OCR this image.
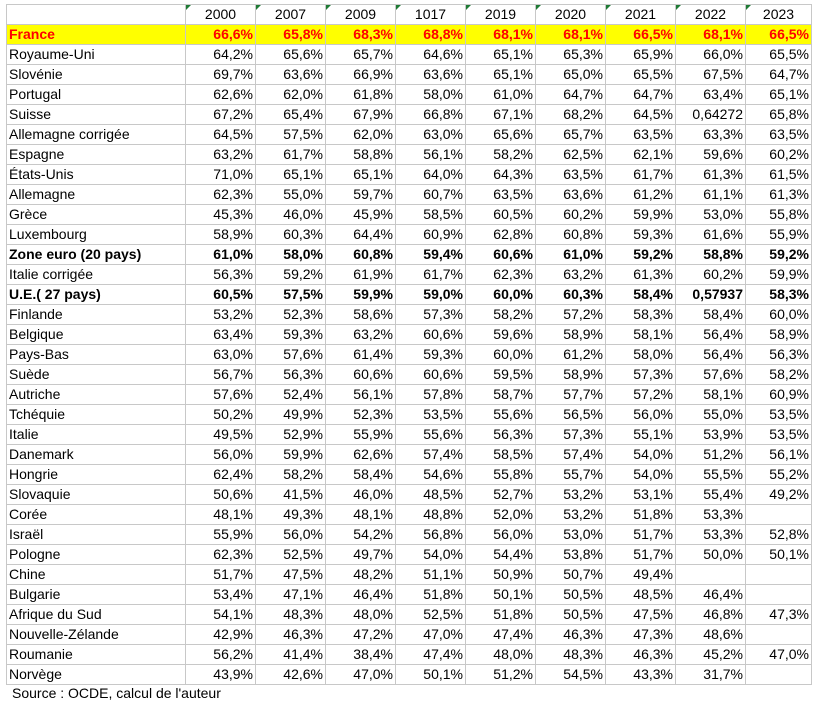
	2000	2007	2009	1017	2019	2020	2021	2022	2023
France	66,6%	65,8%	68,3%	68,8%	68,1%	68,1%	66,5%	68,1%	66,5%
Royaume-Uni	64,2%	65,6%	65,7%	64,6%	65,1%	65,3%	65,9%	66,0%	65,5%
Slovénie	69,7%	63,6%	66,9%	63,6%	65,1%	65,0%	65,5%	67,5%	64,7%
Portugal	62,6%	62,0%	61,8%	58,0%	61,0%	64,7%	64,7%	63,4%	65,1%
Suisse	67,2%	65,4%	67,9%	66,8%	67,1%	68,2%	64,5%	0,64272	65,8%
Allemagne corrigée	64,5%	57,5%	62,0%	63,0%	65,6%	65,7%	63,5%	63,3%	63,5%
Espagne	63,2%	61,7%	58,8%	56,1%	58,2%	62,5%	62,1%	59,6%	60,2%
États-Unis	71,0%	65,1%	65,1%	64,0%	64,3%	63,5%	61,7%	61,3%	61,5%
Allemagne	62,3%	55,0%	59,7%	60,7%	63,5%	63,6%	61,2%	61,1%	61,3%
Grèce	45,3%	46,0%	45,9%	58,5%	60,5%	60,2%	59,9%	53,0%	55,8%
Luxembourg	58,9%	60,3%	64,4%	60,9%	62,8%	60,8%	59,3%	61,6%	55,9%
Zone euro (20 pays)	61,0%	58,0%	60,8%	59,4%	60,6%	61,0%	59,2%	58,8%	59,2%
Italie corrigée	56,3%	59,2%	61,9%	61,7%	62,3%	63,2%	61,3%	60,2%	59,9%
U.E.( 27 pays)	60,5%	57,5%	59,9%	59,0%	60,0%	60,3%	58,4%	0,57937	58,3%
Finlande	53,2%	52,3%	58,6%	57,3%	58,2%	57,2%	58,3%	58,4%	60,0%
Belgique	63,4%	59,3%	63,2%	60,6%	59,6%	58,9%	58,1%	56,4%	58,9%
Pays-Bas	63,0%	57,6%	61,4%	59,3%	60,0%	61,2%	58,0%	56,4%	56,3%
Suède	56,7%	56,3%	60,6%	60,6%	59,5%	58,9%	57,3%	57,6%	58,2%
Autriche	57,6%	52,4%	56,1%	57,8%	58,7%	57,7%	57,2%	58,1%	60,9%
Tchéquie	50,2%	49,9%	52,3%	53,5%	55,6%	56,5%	56,0%	55,0%	53,5%
Italie	49,5%	52,9%	55,9%	55,6%	56,3%	57,3%	55,1%	53,9%	53,5%
Danemark	56,0%	59,9%	62,6%	57,4%	58,5%	57,4%	54,0%	51,2%	56,1%
Hongrie	62,4%	58,2%	58,4%	54,6%	55,8%	55,7%	54,0%	55,5%	55,2%
Slovaquie	50,6%	41,5%	46,0%	48,5%	52,7%	53,2%	53,1%	55,4%	49,2%
Corée	48,1%	49,3%	48,1%	48,8%	52,0%	53,2%	51,8%	53,3%	
Israël	55,9%	56,0%	54,2%	56,8%	56,0%	53,0%	51,7%	53,3%	52,8%
Pologne	62,3%	52,5%	49,7%	54,0%	54,4%	53,8%	51,7%	50,0%	50,1%
Chine	51,7%	47,5%	48,2%	51,1%	50,9%	50,7%	49,4%		
Bulgarie	53,4%	47,1%	46,4%	51,8%	50,1%	50,5%	48,5%	46,4%	
Afrique du Sud	54,1%	48,3%	48,0%	52,5%	51,8%	50,5%	47,5%	46,8%	47,3%
Nouvelle-Zélande	42,9%	46,3%	47,2%	47,0%	47,4%	46,3%	47,3%	48,6%	
Roumanie	56,2%	41,4%	38,4%	47,4%	48,0%	48,3%	46,3%	45,2%	47,0%
Norvège	43,9%	42,6%	47,0%	50,1%	51,2%	54,5%	43,3%	31,7%	
Source : OCDE, calcul de l'auteur
